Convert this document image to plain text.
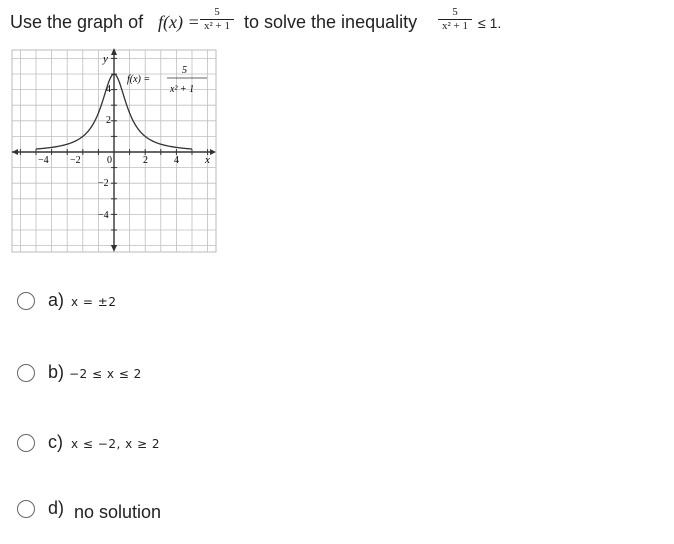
Use the graph of $f(x) = \frac{5}{\text{x² + 1}}$ to solve the inequality $\frac{5}{\text{x² + 1}} \le 1$.
y
x
−4 −2	0	2	4
4
2
−2
−4
f(x) =
5
x² + 1
a) x = ±2
b) −2 ≤ x ≤ 2
c) x ≤ −2, x ≥ 2
d) no solution
